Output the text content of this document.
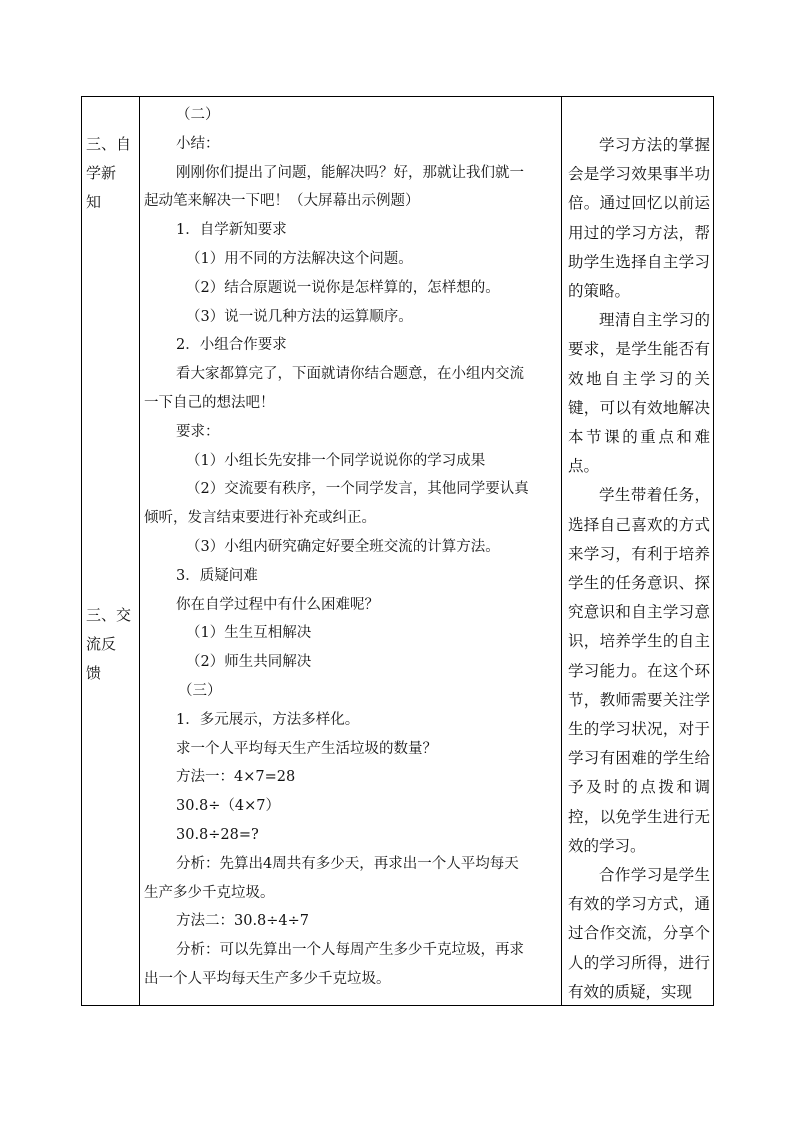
三、自
学新
知
三、交
流反
馈
（二）
小结：
刚刚你们提出了问题，能解决吗？好，那就让我们就一
起动笔来解决一下吧！（大屏幕出示例题）
1．自学新知要求
（1）用不同的方法解决这个问题。
（2）结合原题说一说你是怎样算的，怎样想的。
（3）说一说几种方法的运算顺序。
2．小组合作要求
看大家都算完了，下面就请你结合题意，在小组内交流
一下自己的想法吧！
要求：
（1）小组长先安排一个同学说说你的学习成果
（2）交流要有秩序，一个同学发言，其他同学要认真
倾听，发言结束要进行补充或纠正。
（3）小组内研究确定好要全班交流的计算方法。
3．质疑问难
你在自学过程中有什么困难呢？
（1）生生互相解决
（2）师生共同解决
（三）
1．多元展示，方法多样化。
求一个人平均每天生产生活垃圾的数量？
方法一：4×7=28
30.8÷（4×7）
30.8÷28=?
分析：先算出4周共有多少天，再求出一个人平均每天
生产多少千克垃圾。
方法二：30.8÷4÷7
分析：可以先算出一个人每周产生多少千克垃圾，再求
出一个人平均每天生产多少千克垃圾。

学习方法的掌握会是学习效果事半功倍。通过回忆以前运用过的学习方法，帮助学生选择自主学习的策略。

理清自主学习的要求，是学生能否有效地自主学习的关键，可以有效地解决本节课的重点和难点。

学生带着任务，选择自己喜欢的方式来学习，有利于培养学生的任务意识、探究意识和自主学习意识，培养学生的自主学习能力。在这个环节，教师需要关注学生的学习状况，对于学习有困难的学生给予及时的点拨和调控，以免学生进行无效的学习。

合作学习是学生有效的学习方式，通过合作交流，分享个人的学习所得，进行有效的质疑，实现
